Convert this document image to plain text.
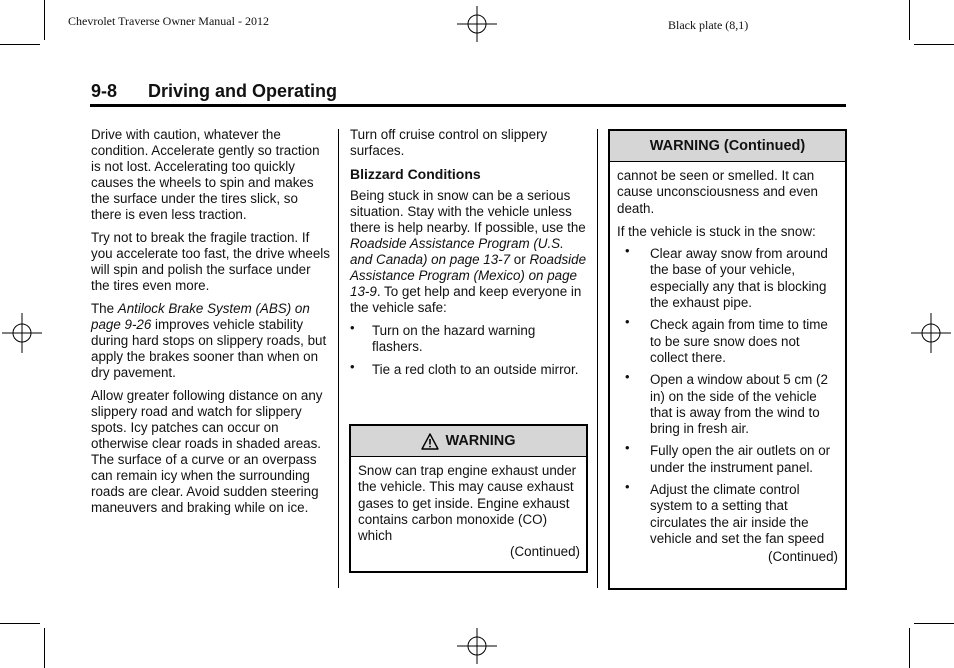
Chevrolet Traverse Owner Manual - 2012	Black plate (8,1)
9-8 Driving and Operating

Drive with caution, whatever the condition. Accelerate gently so traction is not lost. Accelerating too quickly causes the wheels to spin and makes the surface under the tires slick, so there is even less traction.

Try not to break the fragile traction. If you accelerate too fast, the drive wheels will spin and polish the surface under the tires even more.

The Antilock Brake System (ABS) on page 9-26 improves vehicle stability during hard stops on slippery roads, but apply the brakes sooner than when on dry pavement.

Allow greater following distance on any slippery road and watch for slippery spots. Icy patches can occur on otherwise clear roads in shaded areas. The surface of a curve or an overpass can remain icy when the surrounding roads are clear. Avoid sudden steering maneuvers and braking while on ice.

Turn off cruise control on slippery surfaces.

Blizzard Conditions

Being stuck in snow can be a serious situation. Stay with the vehicle unless there is help nearby. If possible, use the Roadside Assistance Program (U.S. and Canada) on page 13-7 or Roadside Assistance Program (Mexico) on page 13-9. To get help and keep everyone in the vehicle safe:

• Turn on the hazard warning flashers.
• Tie a red cloth to an outside mirror.
WARNING
Snow can trap engine exhaust under the vehicle. This may cause exhaust gases to get inside. Engine exhaust contains carbon monoxide (CO) which
(Continued)
WARNING (Continued)

cannot be seen or smelled. It can cause unconsciousness and even death.

If the vehicle is stuck in the snow:

• Clear away snow from around the base of your vehicle, especially any that is blocking the exhaust pipe.
• Check again from time to time to be sure snow does not collect there.
• Open a window about 5 cm (2 in) on the side of the vehicle that is away from the wind to bring in fresh air.
• Fully open the air outlets on or under the instrument panel.
• Adjust the climate control system to a setting that circulates the air inside the vehicle and set the fan speed
(Continued)
